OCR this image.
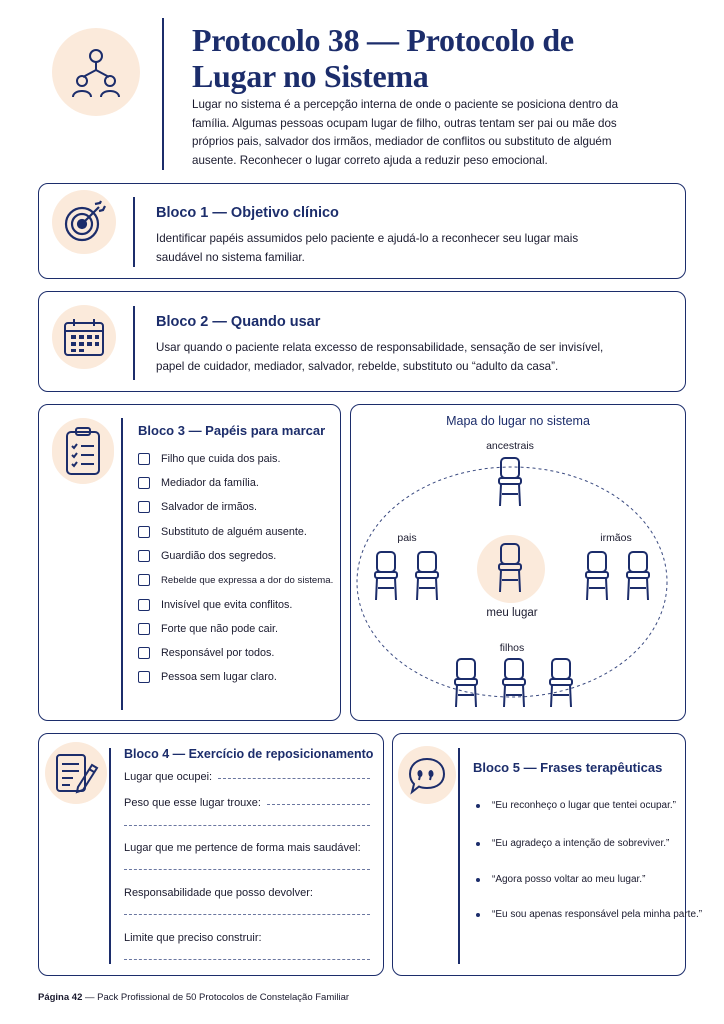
Protocolo 38 — Protocolo de Lugar no Sistema

Lugar no sistema é a percepção interna de onde o paciente se posiciona dentro da família. Algumas pessoas ocupam lugar de filho, outras tentam ser pai ou mãe dos próprios pais, salvador dos irmãos, mediador de conflitos ou substituto de alguém ausente. Reconhecer o lugar correto ajuda a reduzir peso emocional.

Bloco 1 — Objetivo clínico
Identificar papéis assumidos pelo paciente e ajudá-lo a reconhecer seu lugar mais saudável no sistema familiar.
Bloco 2 — Quando usar
Usar quando o paciente relata excesso de responsabilidade, sensação de ser invisível, papel de cuidador, mediador, salvador, rebelde, substituto ou “adulto da casa”.
Bloco 3 — Papéis para marcar
Filho que cuida dos pais.
Mediador da família.
Salvador de irmãos.
Substituto de alguém ausente.
Guardião dos segredos.
Rebelde que expressa a dor do sistema.
Invisível que evita conflitos.
Forte que não pode cair.
Responsável por todos.
Pessoa sem lugar claro.
Mapa do lugar no sistema
ancestrais
pais	irmãos
meu lugar
filhos
Bloco 4 — Exercício de reposicionamento
Lugar que ocupei:
Peso que esse lugar trouxe:
Lugar que me pertence de forma mais saudável:
Responsabilidade que posso devolver:
Limite que preciso construir:
Bloco 5 — Frases terapêuticas
“Eu reconheço o lugar que tentei ocupar.”
“Eu agradeço a intenção de sobreviver.”
“Agora posso voltar ao meu lugar.”
“Eu sou apenas responsável pela minha parte.”
Página 42 — Pack Profissional de 50 Protocolos de Constelação Familiar
